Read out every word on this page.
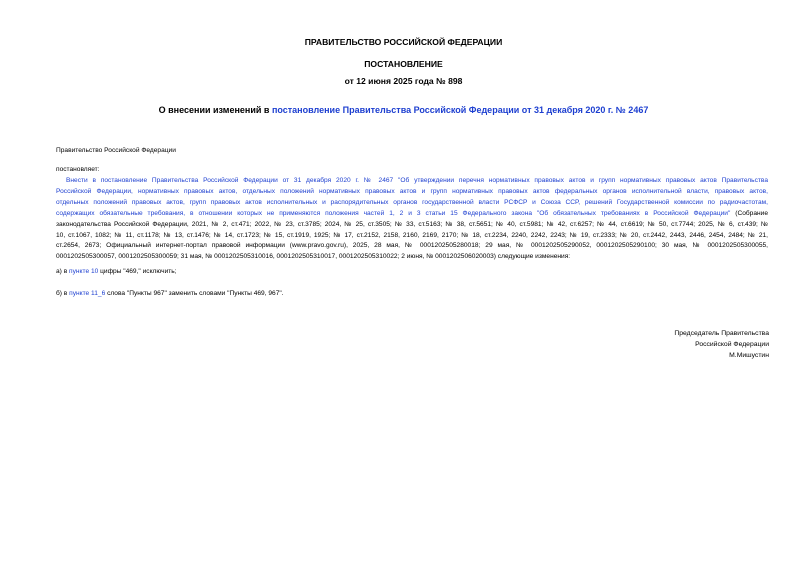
ПРАВИТЕЛЬСТВО РОССИЙСКОЙ ФЕДЕРАЦИИ
ПОСТАНОВЛЕНИЕ
от 12 июня 2025 года № 898
О внесении изменений в постановление Правительства Российской Федерации от 31 декабря 2020 г. № 2467
Правительство Российской Федерации
постановляет:
Внести в постановление Правительства Российской Федерации от 31 декабря 2020 г. № 2467 "Об утверждении перечня нормативных правовых актов и групп нормативных правовых актов Правительства
Российской Федерации, нормативных правовых актов, отдельных положений нормативных правовых актов и групп нормативных правовых актов федеральных органов исполнительной власти, правовых актов,
отдельных положений правовых актов, групп правовых актов исполнительных и распорядительных органов государственной власти РСФСР и Союза ССР, решений Государственной комиссии по радиочастотам,
содержащих обязательные требования, в отношении которых не применяются положения частей 1, 2 и 3 статьи 15 Федерального закона "Об обязательных требованиях в Российской Федерации" (Собрание
законодательства Российской Федерации, 2021, № 2, ст.471; 2022, № 23, ст.3785; 2024, № 25, ст.3505; № 33, ст.5163; № 38, ст.5651; № 40, ст.5981; № 42, ст.6257; № 44, ст.6619; № 50, ст.7744; 2025, № 6, ст.439; №
10, ст.1067, 1082; № 11, ст.1178; № 13, ст.1476; № 14, ст.1723; № 15, ст.1919, 1925; № 17, ст.2152, 2158, 2160, 2169, 2170; № 18, ст.2234, 2240, 2242, 2243; № 19, ст.2333; № 20, ст.2442, 2443, 2446, 2454, 2484; № 21,
ст.2654, 2673; Официальный интернет-портал правовой информации (www.pravo.gov.ru), 2025, 28 мая, № 0001202505280018; 29 мая, № 0001202505290052, 0001202505290100; 30 мая, № 0001202505300055,
0001202505300057, 0001202505300059; 31 мая, № 0001202505310016, 0001202505310017, 0001202505310022; 2 июня, № 0001202506020003) следующие изменения:
а) в пункте 10 цифры "469," исключить;
б) в пункте 11_6 слова "Пункты 967" заменить словами "Пункты 469, 967".
Председатель Правительства
Российской Федерации
М.Мишустин
